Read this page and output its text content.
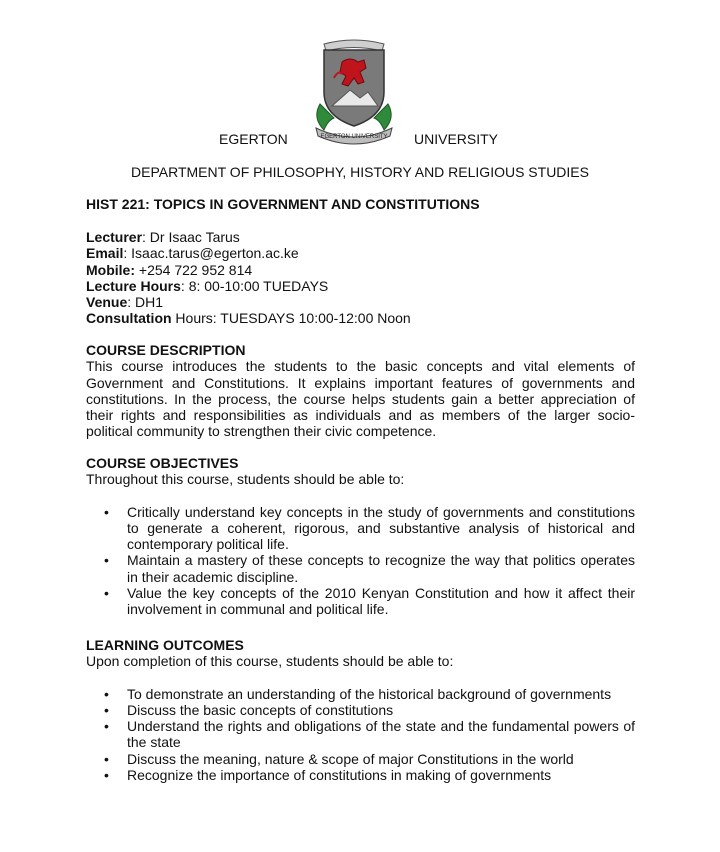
EGERTON UNIVERSITY
EGERTON	UNIVERSITY
DEPARTMENT OF PHILOSOPHY, HISTORY AND RELIGIOUS STUDIES
HIST 221: TOPICS IN GOVERNMENT AND CONSTITUTIONS
Lecturer: Dr Isaac Tarus
Email: Isaac.tarus@egerton.ac.ke
Mobile: +254 722 952 814
Lecture Hours: 8: 00-10:00 TUEDAYS
Venue: DH1
Consultation Hours: TUESDAYS 10:00-12:00 Noon
COURSE DESCRIPTION

This course introduces the students to the basic concepts and vital elements of Government and Constitutions. It explains important features of governments and constitutions. In the process, the course helps students gain a better appreciation of their rights and responsibilities as individuals and as members of the larger socio-political community to strengthen their civic competence.

COURSE OBJECTIVES

Throughout this course, students should be able to:

• Critically understand key concepts in the study of governments and constitutions to generate a coherent, rigorous, and substantive analysis of historical and contemporary political life.
• Maintain a mastery of these concepts to recognize the way that politics operates in their academic discipline.
• Value the key concepts of the 2010 Kenyan Constitution and how it affect their involvement in communal and political life.
LEARNING OUTCOMES

Upon completion of this course, students should be able to:

• To demonstrate an understanding of the historical background of governments
• Discuss the basic concepts of constitutions
• Understand the rights and obligations of the state and the fundamental powers of the state
• Discuss the meaning, nature & scope of major Constitutions in the world
• Recognize the importance of constitutions in making of governments
